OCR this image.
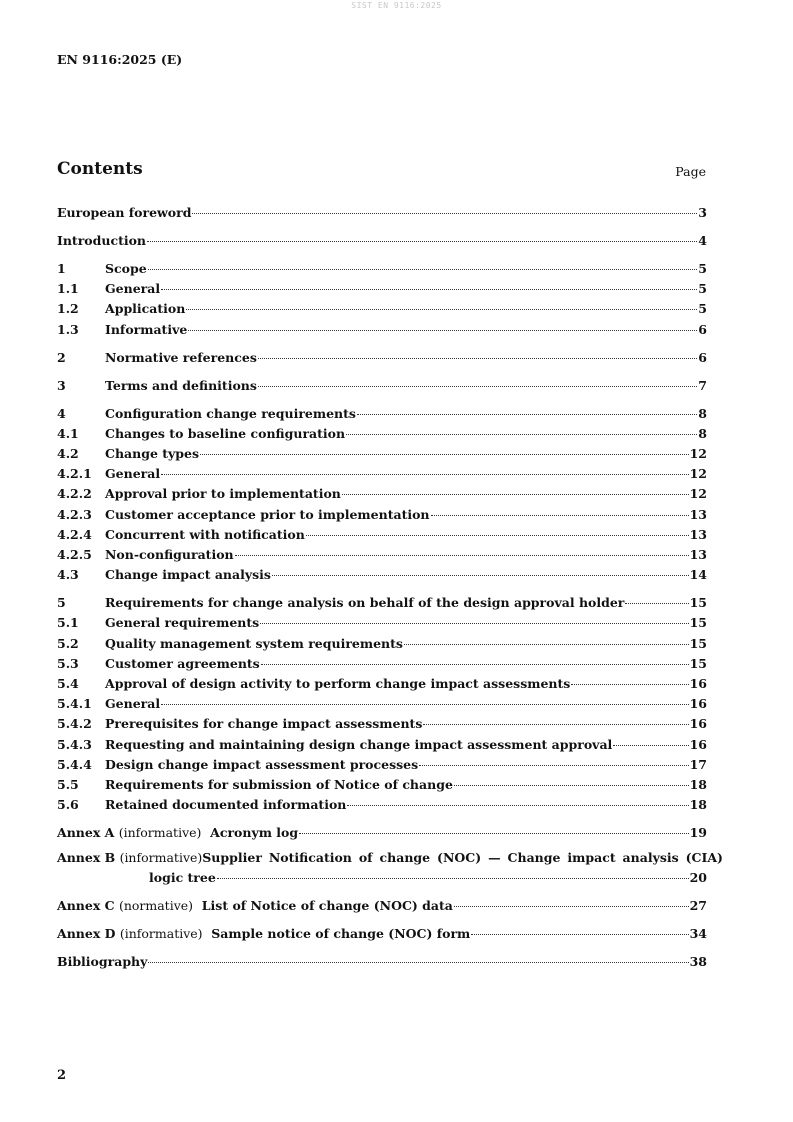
SIST EN 9116:2025
EN 9116:2025 (E)
Contents	Page
European foreword	3
Introduction	4
1	Scope	5
1.1	General	5
1.2	Application	5
1.3	Informative	6
2	Normative references	6
3	Terms and definitions	7
4	Configuration change requirements	8
4.1	Changes to baseline configuration	8
4.2	Change types	12
4.2.1	General	12
4.2.2	Approval prior to implementation	12
4.2.3	Customer acceptance prior to implementation	13
4.2.4	Concurrent with notification	13
4.2.5	Non-configuration	13
4.3	Change impact analysis	14
5	Requirements for change analysis on behalf of the design approval holder	15
5.1	General requirements	15
5.2	Quality management system requirements	15
5.3	Customer agreements	15
5.4	Approval of design activity to perform change impact assessments	16
5.4.1	General	16
5.4.2	Prerequisites for change impact assessments	16
5.4.3	Requesting and maintaining design change impact assessment approval	16
5.4.4	Design change impact assessment processes	17
5.5	Requirements for submission of Notice of change	18
5.6	Retained documented information	18
Annex A (informative) Acronym log	19
Annex B (informative) Supplier Notification of change (NOC) — Change impact analysis (CIA)
logic tree	20
Annex C (normative) List of Notice of change (NOC) data	27
Annex D (informative) Sample notice of change (NOC) form	34
Bibliography	38
2
